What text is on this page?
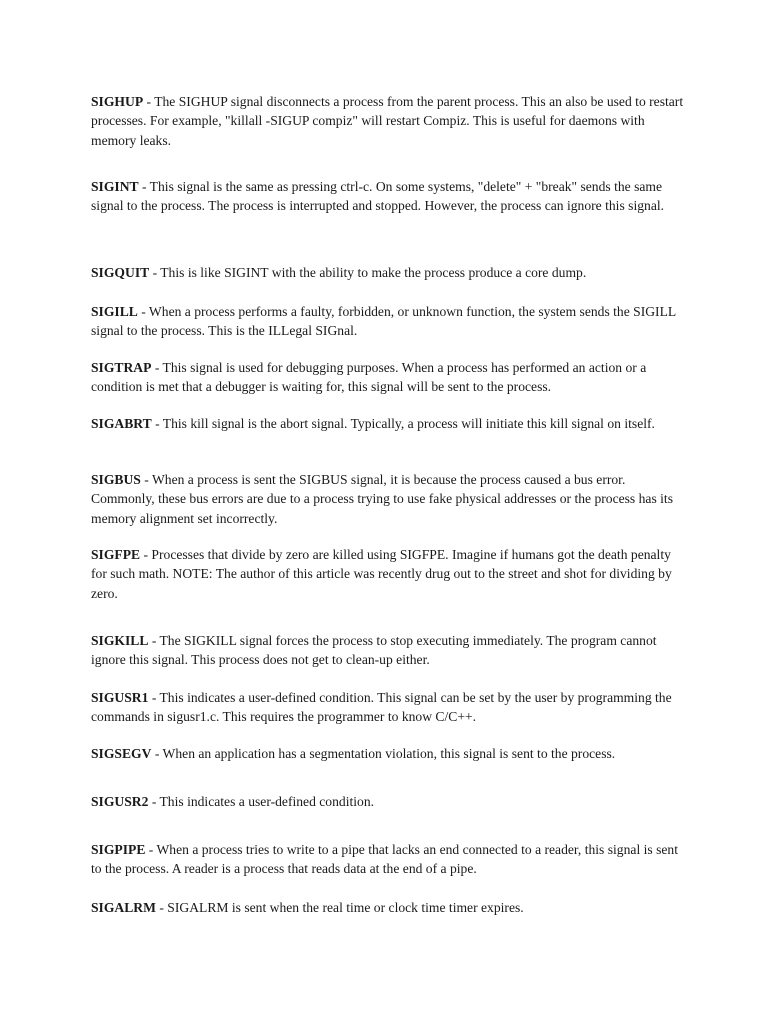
SIGHUP - The SIGHUP signal disconnects a process from the parent process. This an also be used to restart processes. For example, "killall -SIGUP compiz" will restart Compiz. This is useful for daemons with memory leaks.

SIGINT - This signal is the same as pressing ctrl-c. On some systems, "delete" + "break" sends the same signal to the process. The process is interrupted and stopped. However, the process can ignore this signal.

SIGQUIT - This is like SIGINT with the ability to make the process produce a core dump.

SIGILL - When a process performs a faulty, forbidden, or unknown function, the system sends the SIGILL signal to the process. This is the ILLegal SIGnal.

SIGTRAP - This signal is used for debugging purposes. When a process has performed an action or a condition is met that a debugger is waiting for, this signal will be sent to the process.

SIGABRT - This kill signal is the abort signal. Typically, a process will initiate this kill signal on itself.

SIGBUS - When a process is sent the SIGBUS signal, it is because the process caused a bus error. Commonly, these bus errors are due to a process trying to use fake physical addresses or the process has its memory alignment set incorrectly.

SIGFPE - Processes that divide by zero are killed using SIGFPE. Imagine if humans got the death penalty for such math. NOTE: The author of this article was recently drug out to the street and shot for dividing by zero.

SIGKILL - The SIGKILL signal forces the process to stop executing immediately. The program cannot ignore this signal. This process does not get to clean-up either.

SIGUSR1 - This indicates a user-defined condition. This signal can be set by the user by programming the commands in sigusr1.c. This requires the programmer to know C/C++.

SIGSEGV - When an application has a segmentation violation, this signal is sent to the process.

SIGUSR2 - This indicates a user-defined condition.

SIGPIPE - When a process tries to write to a pipe that lacks an end connected to a reader, this signal is sent to the process. A reader is a process that reads data at the end of a pipe.

SIGALRM - SIGALRM is sent when the real time or clock time timer expires.
